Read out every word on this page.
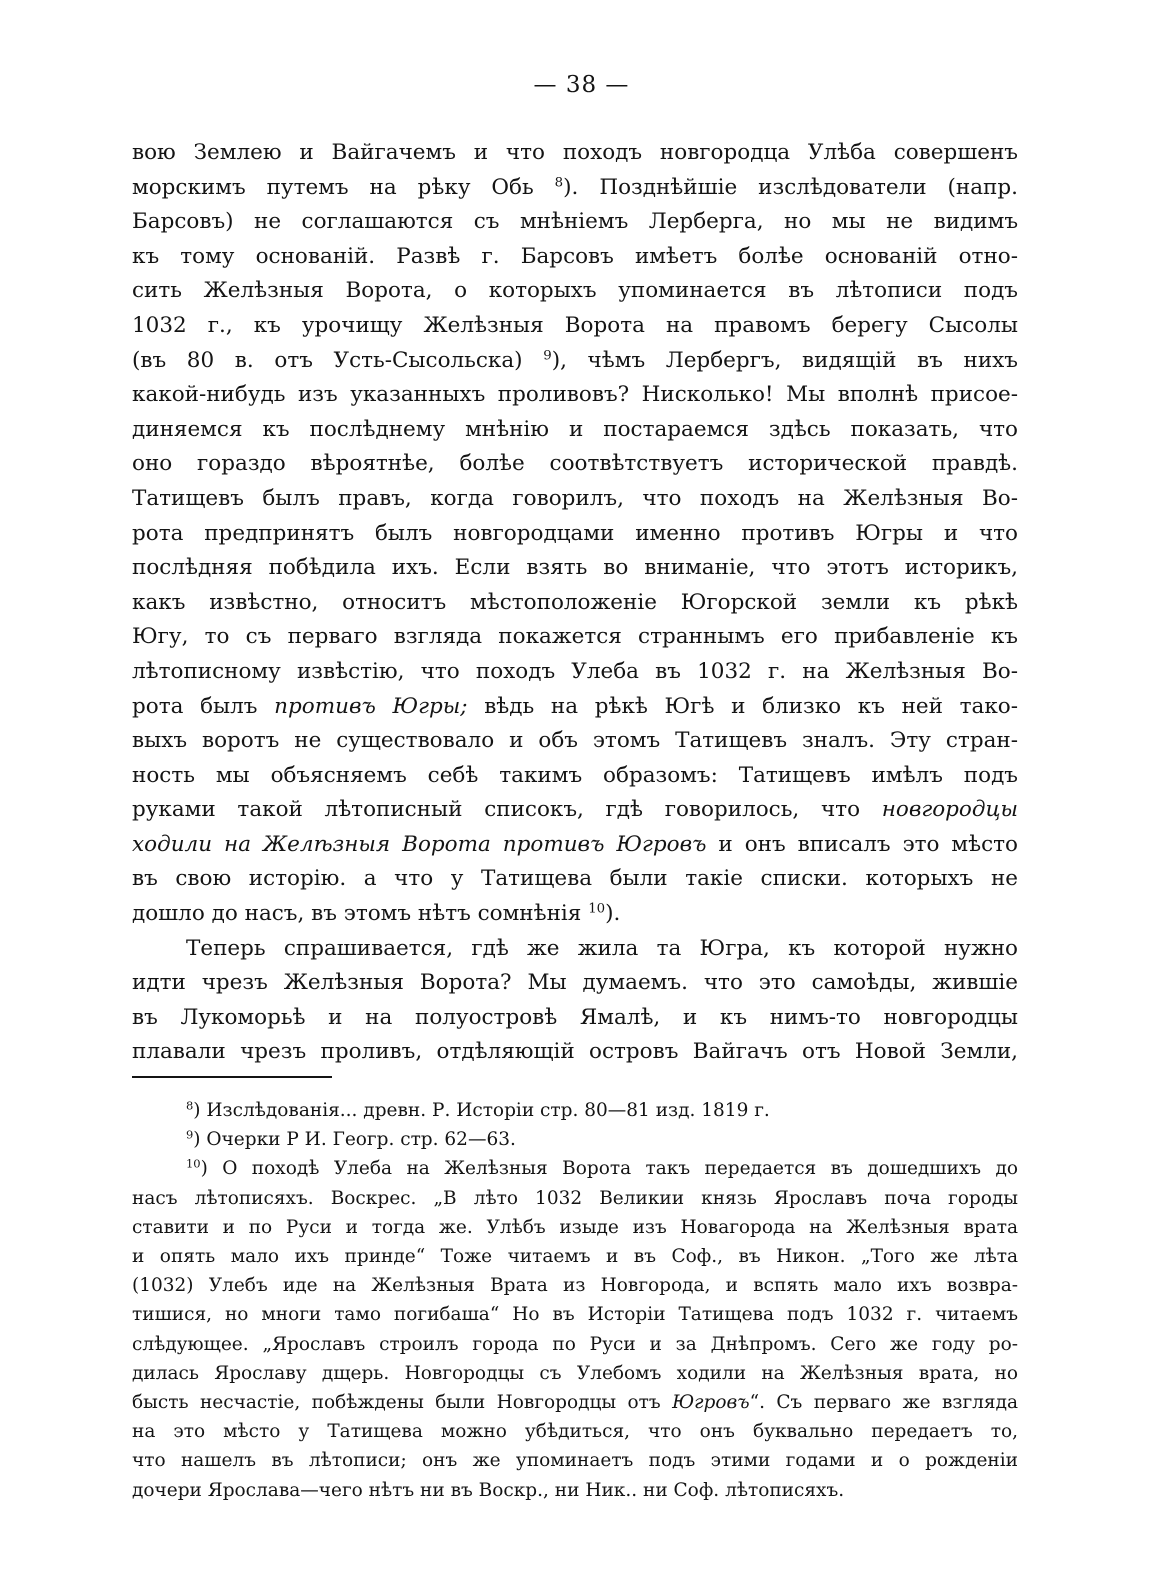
— 38 —

вою Землею и Вайгачемъ и что походъ новгородца Улѣба совершенъ

морскимъ путемъ на рѣку Обь $^8$). Позднѣйшіе изслѣдователи (напр.

Барсовъ) не соглашаются съ мнѣніемъ Лерберга, но мы не видимъ

къ тому основаній. Развѣ г. Барсовъ имѣетъ болѣе основаній отно-

сить Желѣзныя Ворота, о которыхъ упоминается въ лѣтописи подъ

1032 г., къ урочищу Желѣзныя Ворота на правомъ берегу Сысолы

(въ 80 в. отъ Усть-Сысольска) $^9$), чѣмъ Лербергъ, видящій въ нихъ

какой-нибудь изъ указанныхъ проливовъ? Нисколько! Мы вполнѣ присое-

диняемся къ послѣднему мнѣнію и постараемся здѣсь показать, что

оно гораздо вѣроятнѣе, болѣе соотвѣтствуетъ исторической правдѣ.

Татищевъ былъ правъ, когда говорилъ, что походъ на Желѣзныя Во-

рота предпринятъ былъ новгородцами именно противъ Югры и что

послѣдняя побѣдила ихъ. Если взять во вниманіе, что этотъ историкъ,

какъ извѣстно, относитъ мѣстоположеніе Югорской земли къ рѣкѣ

Югу, то съ перваго взгляда покажется страннымъ его прибавленіе къ

лѣтописному извѣстію, что походъ Улеба въ 1032 г. на Желѣзныя Во-

рота былъ противъ Югры; вѣдь на рѣкѣ Югѣ и близко къ ней тако-

выхъ воротъ не существовало и объ этомъ Татищевъ зналъ. Эту стран-

ность мы объясняемъ себѣ такимъ образомъ: Татищевъ имѣлъ подъ

руками такой лѣтописный списокъ, гдѣ говорилось, что новгородцы

ходили на Желѣзныя Ворота противъ Югровъ и онъ вписалъ это мѣсто

въ свою исторію. а что у Татищева были такіе списки. которыхъ не

дошло до насъ, въ этомъ нѣтъ сомнѣнія $^{10}$).

Теперь спрашивается, гдѣ же жила та Югра, къ которой нужно

идти чрезъ Желѣзныя Ворота? Мы думаемъ. что это самоѣды, жившіе

въ Лукоморьѣ и на полуостровѣ Ямалѣ, и къ нимъ-то новгородцы

плавали чрезъ проливъ, отдѣляющій островъ Вайгачъ отъ Новой Земли,

$^8$) Изслѣдованія... древн. Р. Исторіи стр. 80—81 изд. 1819 г.

$^9$) Очерки Р И. Геогр. стр. 62—63.

$^{10}$) О походѣ Улеба на Желѣзныя Ворота такъ передается въ дошедшихъ до

насъ лѣтописяхъ. Воскрес. „В лѣто 1032 Великии князь Ярославъ поча городы

ставити и по Руси и тогда же. Улѣбъ изыде изъ Новагорода на Желѣзныя врата

и опять мало ихъ принде“ Тоже читаемъ и въ Соф., въ Никон. „Того же лѣта

(1032) Улебъ иде на Желѣзныя Врата из Новгорода, и вспять мало ихъ возвра-

тишися, но многи тамо погибаша“ Но въ Исторіи Татищева подъ 1032 г. читаемъ

слѣдующее. „Ярославъ строилъ города по Руси и за Днѣпромъ. Сего же году ро-

дилась Ярославу дщерь. Новгородцы съ Улебомъ ходили на Желѣзныя врата, но

бысть несчастіе, побѣждены были Новгородцы отъ Югровъ“. Съ перваго же взгляда

на это мѣсто у Татищева можно убѣдиться, что онъ буквально передаетъ то,

что нашелъ въ лѣтописи; онъ же упоминаетъ подъ этими годами и о рожденіи

дочери Ярослава—чего нѣтъ ни въ Воскр., ни Ник.. ни Соф. лѣтописяхъ.
